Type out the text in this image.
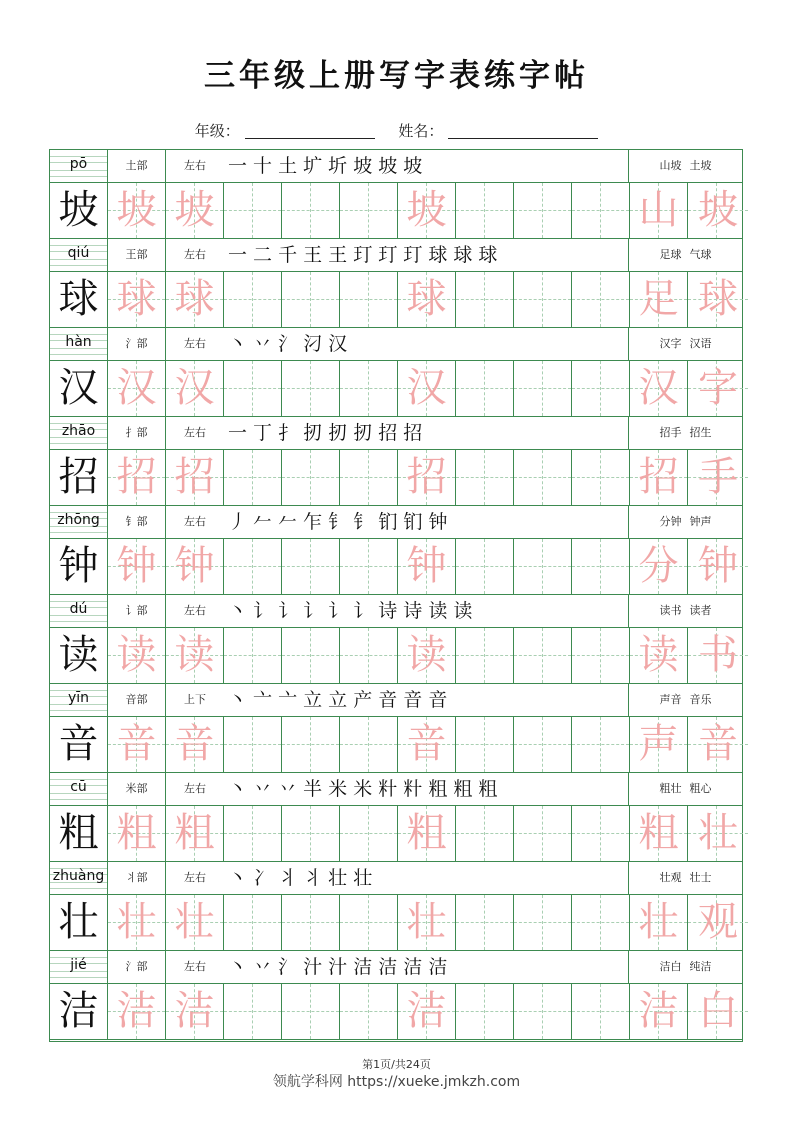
三年级上册写字表练字帖
年级：	姓名：
pō	土部	左右	一 十 土 圹 圻 坡 坡 坡	山坡 土坡
坡 坡 坡	坡	山 坡
qiú	王部	左右	一 二 千 王 王 玎 玎 玎 球 球 球	足球 气球
球 球 球	球	足 球
hàn	氵部	左右	丶 丷 氵 汈 汉	汉字 汉语
汉 汉 汉	汉	汉 字
zhāo	扌部	左右	一 丁 扌 扨 扨 扨 招 招	招手 招生
招 招 招	招	招 手
zhōng	钅部	左右	丿 𠂉 𠂉 乍 钅 钅 钔 钔 钟	分钟 钟声
钟 钟 钟	钟	分 钟
dú	讠部	左右	丶 讠 讠 讠 讠 讠 诗 诗 读 读	读书 读者
读 读 读	读	读 书
yīn	音部	上下	丶 亠 亠 立 立 产 音 音 音	声音 音乐
音 音 音	音	声 音
cū	米部	左右	丶 丷 丷 半 米 米 籵 籵 粗 粗 粗	粗壮 粗心
粗 粗 粗	粗	粗 壮
zhuàng	丬部	左右	丶 冫 丬 丬 壮 壮	壮观 壮士
壮 壮 壮	壮	壮 观
jié	氵部	左右	丶 丷 氵 汁 汁 洁 洁 洁 洁	洁白 纯洁
洁 洁 洁	洁	洁 白
第1页/共24页
领航学科网 https://xueke.jmkzh.com
